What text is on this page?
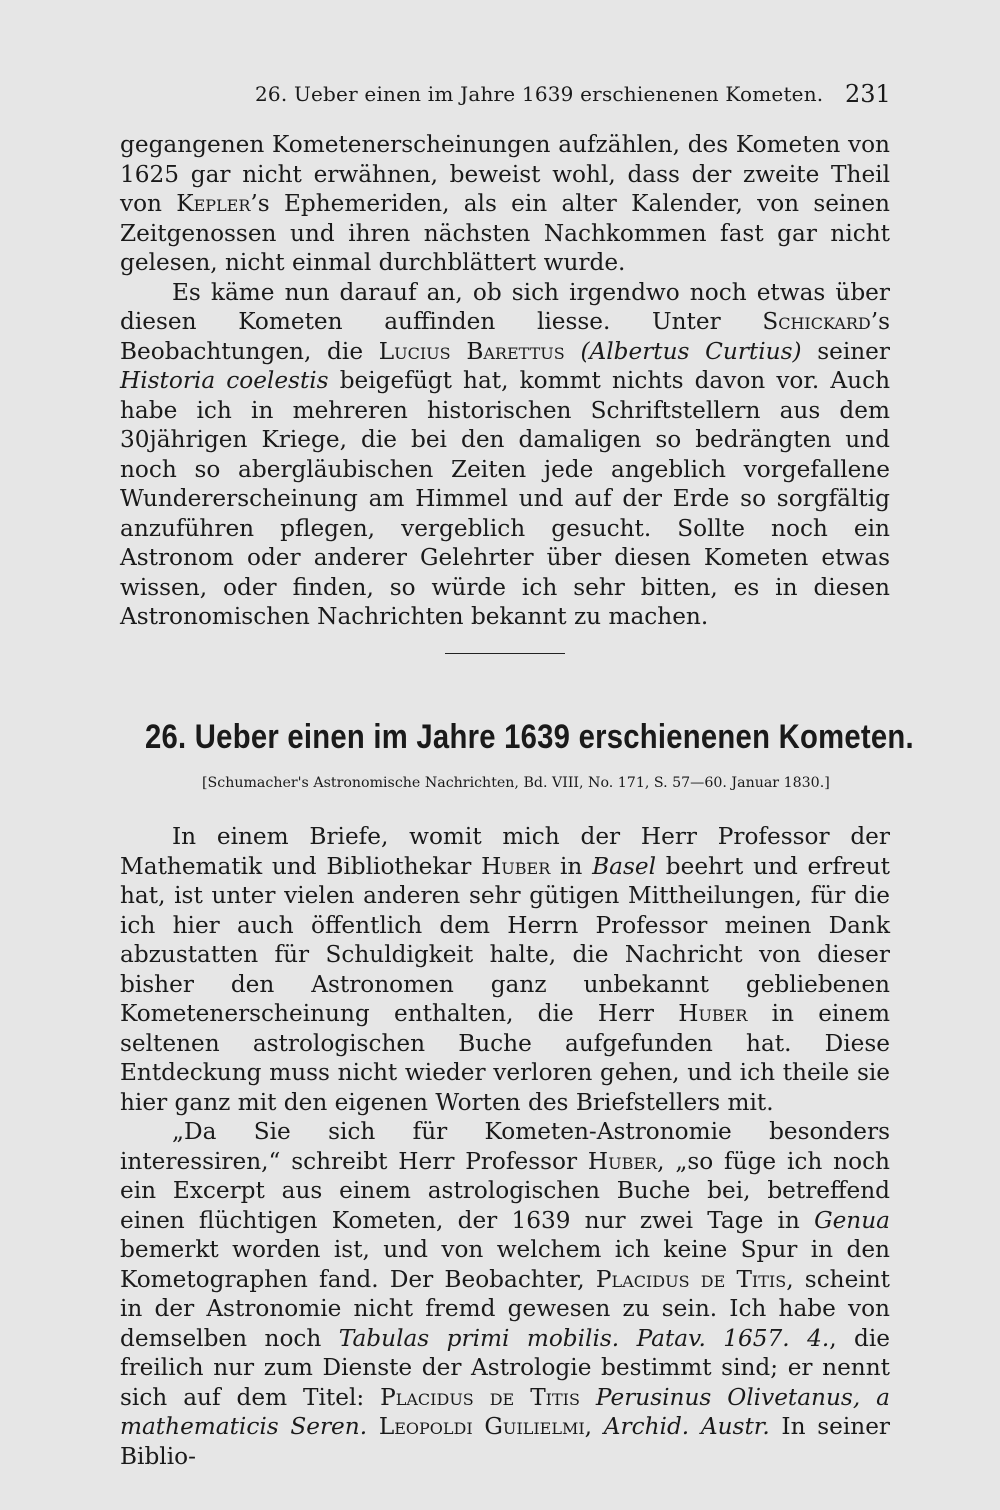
26. Ueber einen im Jahre 1639 erschienenen Kometen. 231

gegangenen Kometenerscheinungen aufzählen, des Kometen von 1625 gar nicht erwähnen, beweist wohl, dass der zweite Theil von Kepler’s Ephemeriden, als ein alter Kalender, von seinen Zeitgenossen und ihren nächsten Nachkommen fast gar nicht gelesen, nicht einmal durchblättert wurde.

Es käme nun darauf an, ob sich irgendwo noch etwas über diesen Kometen auffinden liesse. Unter Schickard’s Beobachtungen, die Lucius Barettus (Albertus Curtius) seiner Historia coelestis beigefügt hat, kommt nichts davon vor. Auch habe ich in mehreren historischen Schriftstellern aus dem 30jährigen Kriege, die bei den damaligen so bedrängten und noch so abergläubischen Zeiten jede angeblich vorgefallene Wundererscheinung am Himmel und auf der Erde so sorgfältig anzuführen pflegen, vergeblich gesucht. Sollte noch ein Astronom oder anderer Gelehrter über diesen Kometen etwas wissen, oder finden, so würde ich sehr bitten, es in diesen Astronomischen Nachrichten bekannt zu machen.

26. Ueber einen im Jahre 1639 erschienenen Kometen.
[Schumacher's Astronomische Nachrichten, Bd. VIII, No. 171, S. 57—60. Januar 1830.]

In einem Briefe, womit mich der Herr Professor der Mathematik und Bibliothekar Huber in Basel beehrt und erfreut hat, ist unter vielen anderen sehr gütigen Mittheilungen, für die ich hier auch öffentlich dem Herrn Professor meinen Dank abzustatten für Schuldigkeit halte, die Nachricht von dieser bisher den Astronomen ganz unbekannt gebliebenen Kometenerscheinung enthalten, die Herr Huber in einem seltenen astrologischen Buche aufgefunden hat. Diese Entdeckung muss nicht wieder verloren gehen, und ich theile sie hier ganz mit den eigenen Worten des Briefstellers mit.

„Da Sie sich für Kometen-Astronomie besonders interessiren,“ schreibt Herr Professor Huber, „so füge ich noch ein Excerpt aus einem astrologischen Buche bei, betreffend einen flüchtigen Kometen, der 1639 nur zwei Tage in Genua bemerkt worden ist, und von welchem ich keine Spur in den Kometographen fand. Der Beobachter, Placidus de Titis, scheint in der Astronomie nicht fremd gewesen zu sein. Ich habe von demselben noch Tabulas primi mobilis. Patav. 1657. 4., die freilich nur zum Dienste der Astrologie bestimmt sind; er nennt sich auf dem Titel: Placidus de Titis Perusinus Olivetanus, a mathematicis Seren. Leopoldi Guilielmi, Archid. Austr. In seiner Biblio-
